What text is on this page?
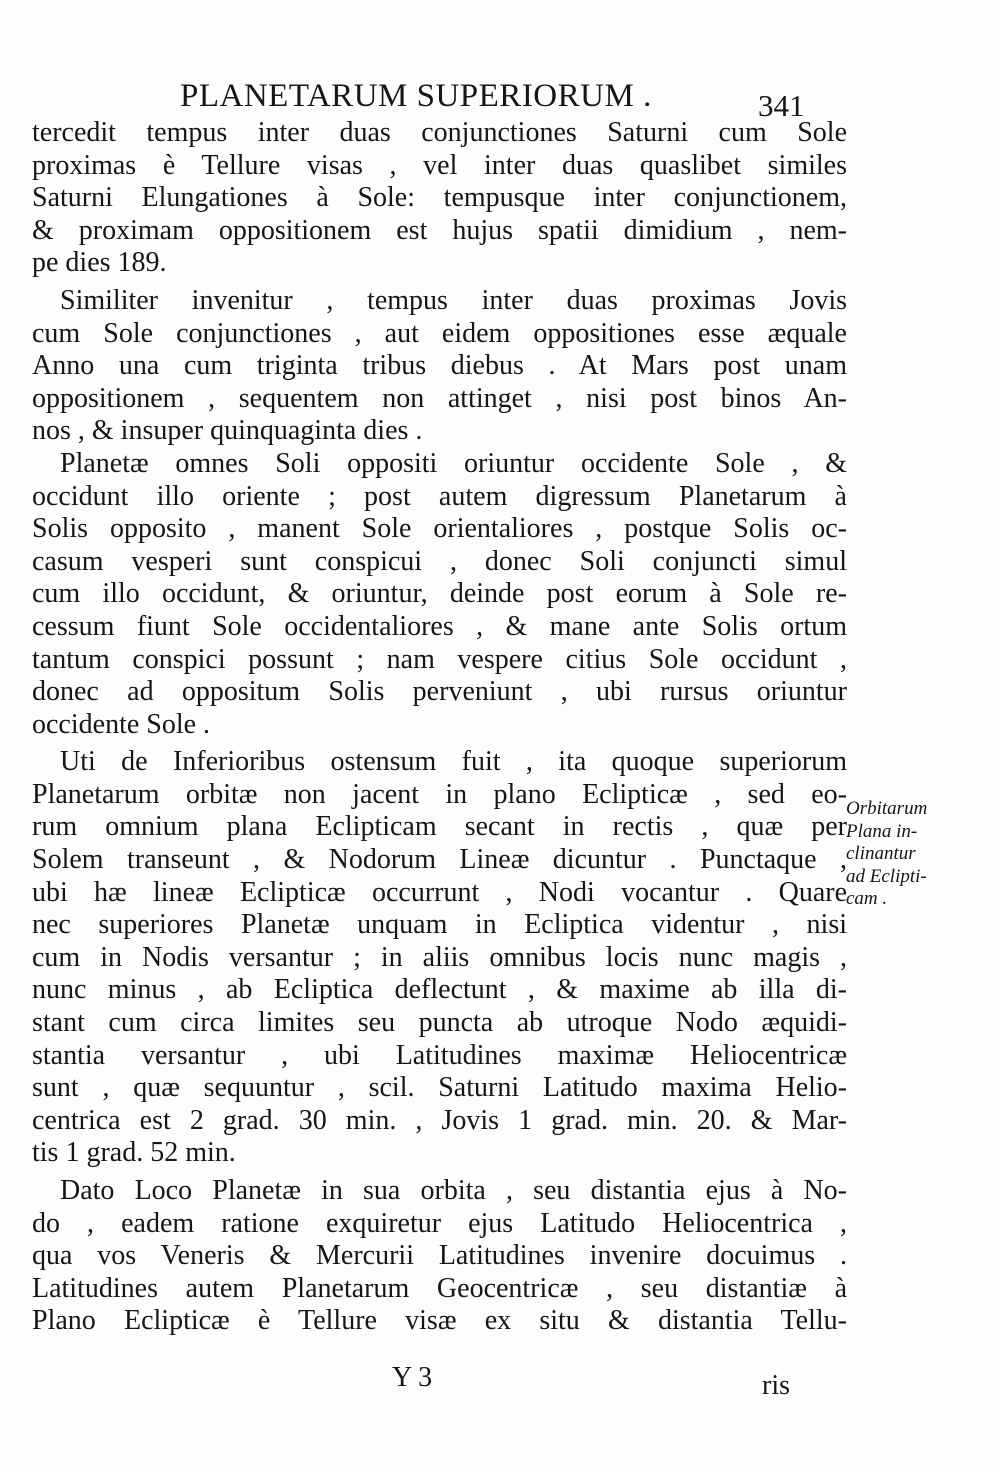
PLANETARUM SUPERIORUM .	341
tercedit tempus inter duas conjunctiones Saturni cum Sole
proximas è Tellure visas , vel inter duas quaslibet similes
Saturni Elungationes à Sole: tempusque inter conjunctionem,
& proximam oppositionem est hujus spatii dimidium , nem-
pe dies 189.
Similiter invenitur , tempus inter duas proximas Jovis
cum Sole conjunctiones , aut eidem oppositiones esse æquale
Anno una cum triginta tribus diebus . At Mars post unam
oppositionem , sequentem non attinget , nisi post binos An-
nos , & insuper quinquaginta dies .
Planetæ omnes Soli oppositi oriuntur occidente Sole , &
occidunt illo oriente ; post autem digressum Planetarum à
Solis opposito , manent Sole orientaliores , postque Solis oc-
casum vesperi sunt conspicui , donec Soli conjuncti simul
cum illo occidunt, & oriuntur, deinde post eorum à Sole re-
cessum fiunt Sole occidentaliores , & mane ante Solis ortum
tantum conspici possunt ; nam vespere citius Sole occidunt ,
donec ad oppositum Solis perveniunt , ubi rursus oriuntur
occidente Sole .
Uti de Inferioribus ostensum fuit , ita quoque superiorum
Planetarum orbitæ non jacent in plano Eclipticæ , sed eo-
rum omnium plana Eclipticam secant in rectis , quæ per
Solem transeunt , & Nodorum Lineæ dicuntur . Punctaque ,
ubi hæ lineæ Eclipticæ occurrunt , Nodi vocantur . Quare
nec superiores Planetæ unquam in Ecliptica videntur , nisi
cum in Nodis versantur ; in aliis omnibus locis nunc magis ,
nunc minus , ab Ecliptica deflectunt , & maxime ab illa di-
stant cum circa limites seu puncta ab utroque Nodo æquidi-
stantia versantur , ubi Latitudines maximæ Heliocentricæ
sunt , quæ sequuntur , scil. Saturni Latitudo maxima Helio-
centrica est 2 grad. 30 min. , Jovis 1 grad. min. 20. & Mar-
tis 1 grad. 52 min.
Dato Loco Planetæ in sua orbita , seu distantia ejus à No-
do , eadem ratione exquiretur ejus Latitudo Heliocentrica ,
qua vos Veneris & Mercurii Latitudines invenire docuimus .
Latitudines autem Planetarum Geocentricæ , seu distantiæ à
Plano Eclipticæ è Tellure visæ ex situ & distantia Tellu-
Orbitarum
Plana in-
clinantur
ad Eclipti-
cam .
Y 3	ris
